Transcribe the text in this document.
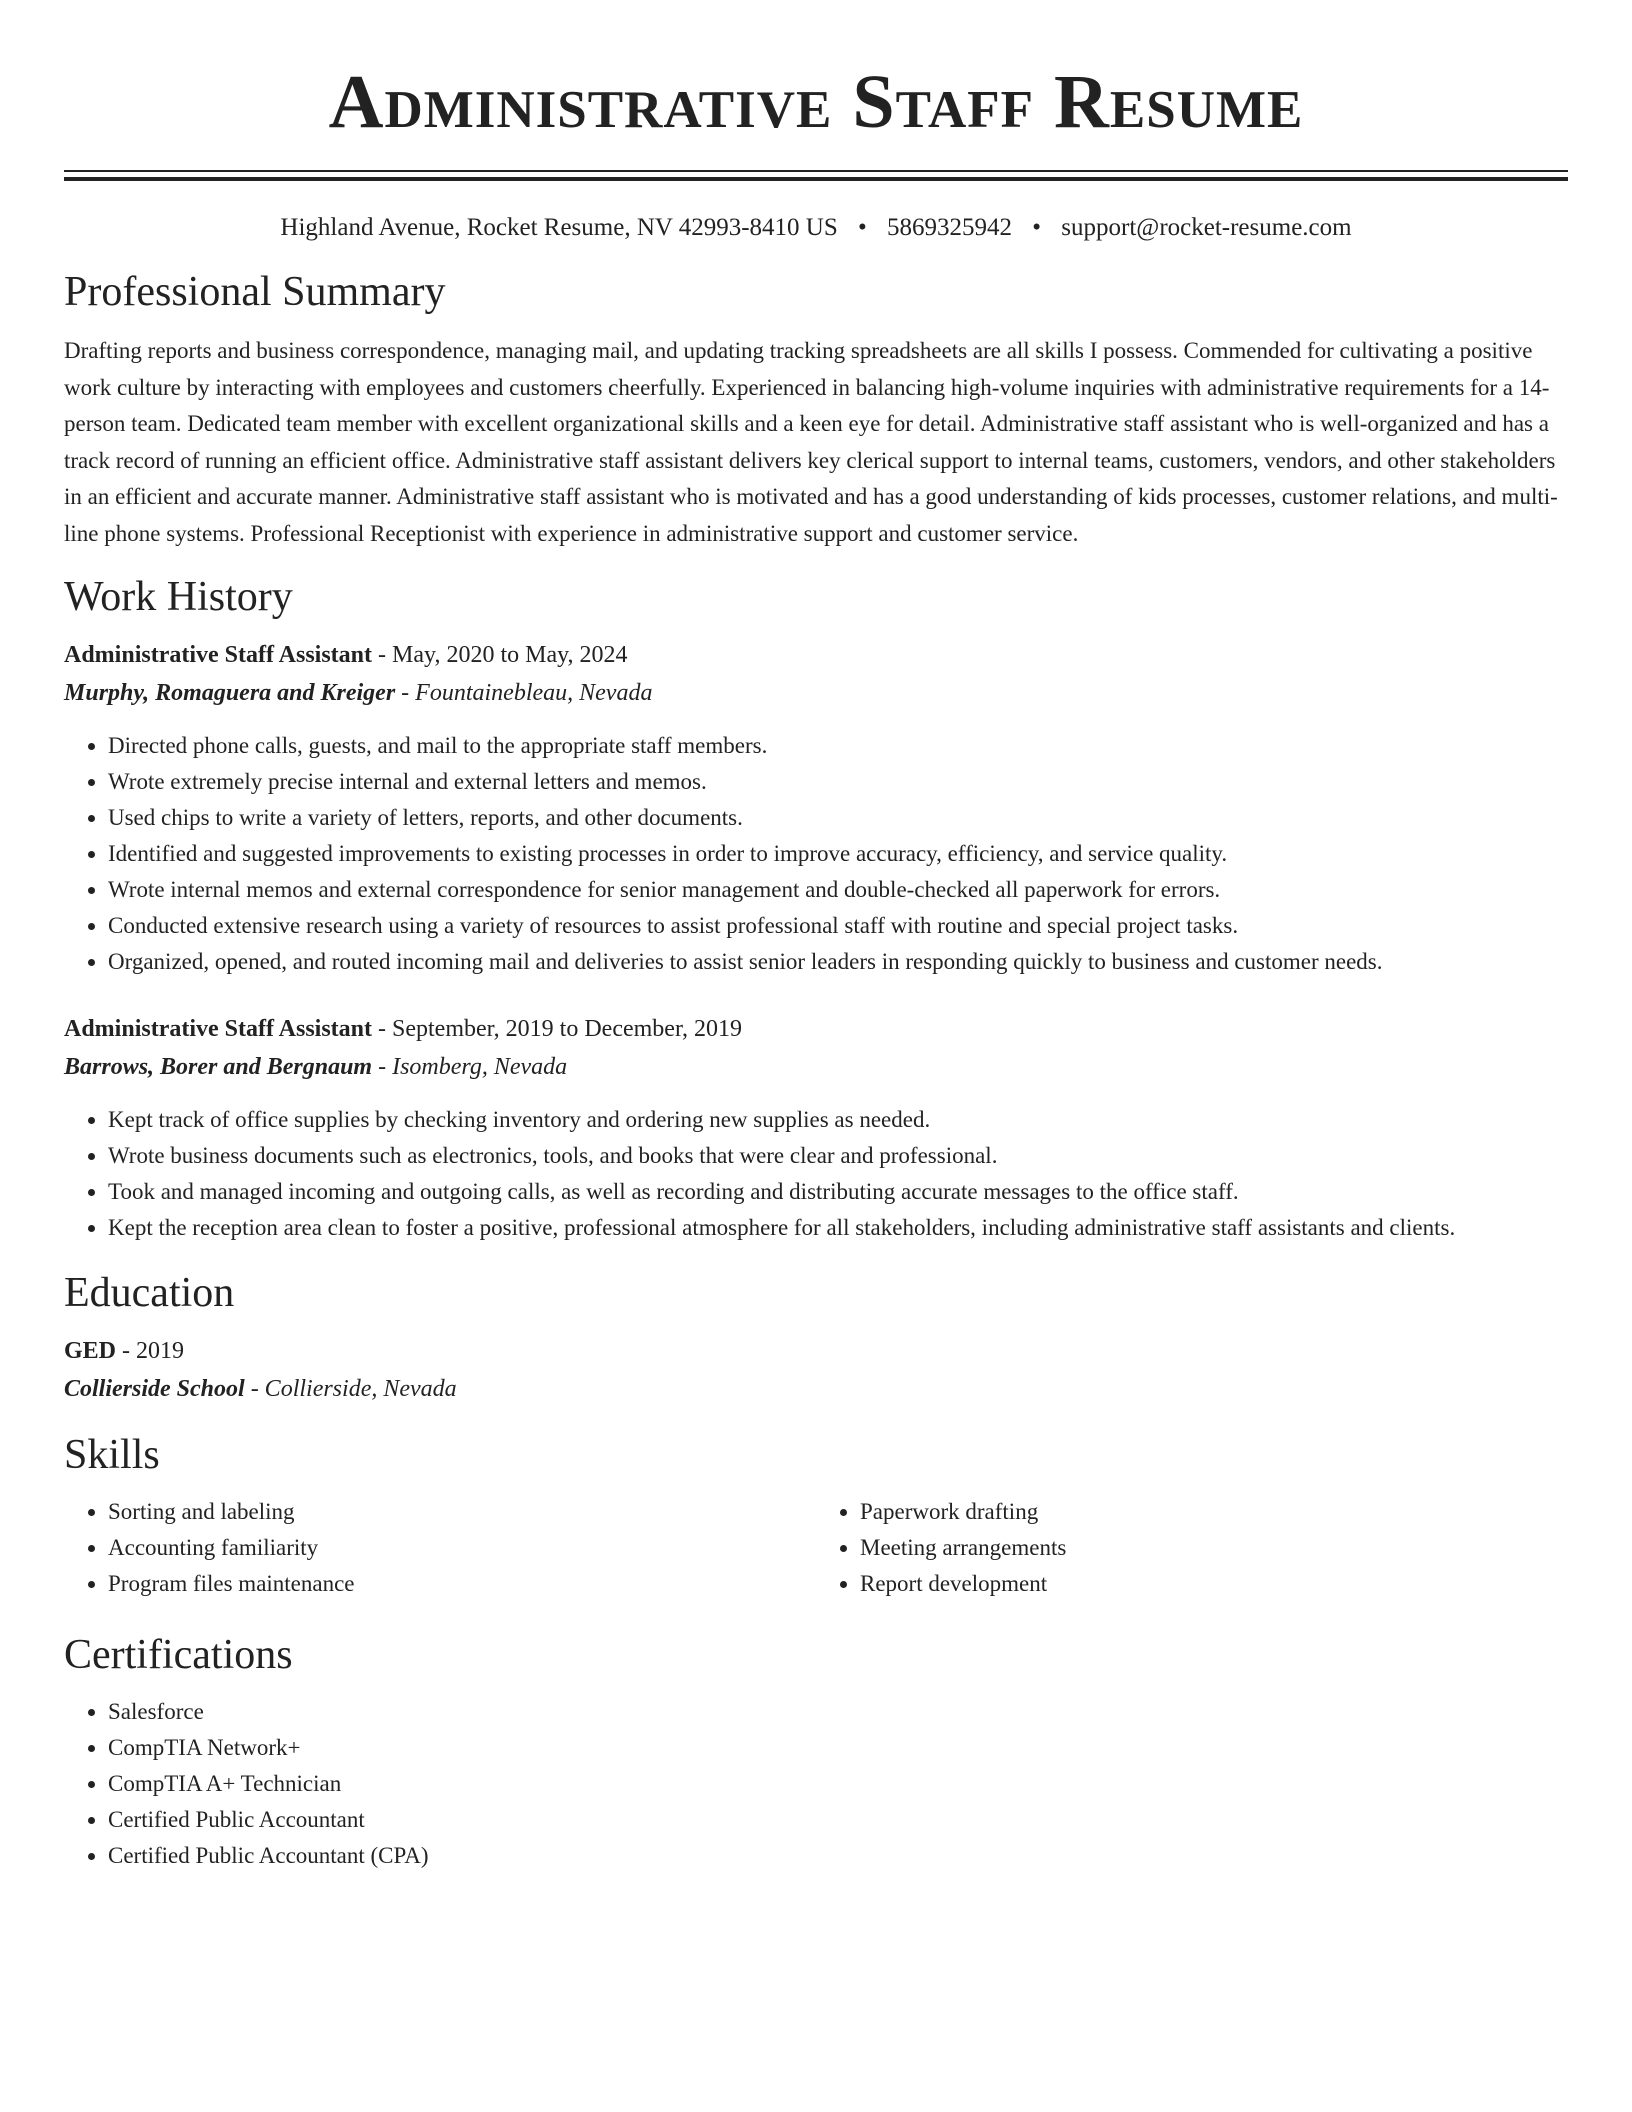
Administrative Staff Resume
Highland Avenue, Rocket Resume, NV 42993-8410 US • 5869325942 • support@rocket-resume.com
Professional Summary

Drafting reports and business correspondence, managing mail, and updating tracking spreadsheets are all skills I possess. Commended for cultivating a positive work culture by interacting with employees and customers cheerfully. Experienced in balancing high-volume inquiries with administrative requirements for a 14-person team. Dedicated team member with excellent organizational skills and a keen eye for detail. Administrative staff assistant who is well-organized and has a track record of running an efficient office. Administrative staff assistant delivers key clerical support to internal teams, customers, vendors, and other stakeholders in an efficient and accurate manner. Administrative staff assistant who is motivated and has a good understanding of kids processes, customer relations, and multi-line phone systems. Professional Receptionist with experience in administrative support and customer service.

Work History
Administrative Staff Assistant - May, 2020 to May, 2024
Murphy, Romaguera and Kreiger - Fountainebleau, Nevada
• Directed phone calls, guests, and mail to the appropriate staff members.
• Wrote extremely precise internal and external letters and memos.
• Used chips to write a variety of letters, reports, and other documents.
• Identified and suggested improvements to existing processes in order to improve accuracy, efficiency, and service quality.
• Wrote internal memos and external correspondence for senior management and double-checked all paperwork for errors.
• Conducted extensive research using a variety of resources to assist professional staff with routine and special project tasks.
• Organized, opened, and routed incoming mail and deliveries to assist senior leaders in responding quickly to business and customer needs.
Administrative Staff Assistant - September, 2019 to December, 2019
Barrows, Borer and Bergnaum - Isomberg, Nevada
• Kept track of office supplies by checking inventory and ordering new supplies as needed.
• Wrote business documents such as electronics, tools, and books that were clear and professional.
• Took and managed incoming and outgoing calls, as well as recording and distributing accurate messages to the office staff.
• Kept the reception area clean to foster a positive, professional atmosphere for all stakeholders, including administrative staff assistants and clients.
Education
GED - 2019
Collierside School - Collierside, Nevada
Skills
• Sorting and labeling
• Accounting familiarity
• Program files maintenance
• Paperwork drafting
• Meeting arrangements
• Report development
Certifications
• Salesforce
• CompTIA Network+
• CompTIA A+ Technician
• Certified Public Accountant
• Certified Public Accountant (CPA)
